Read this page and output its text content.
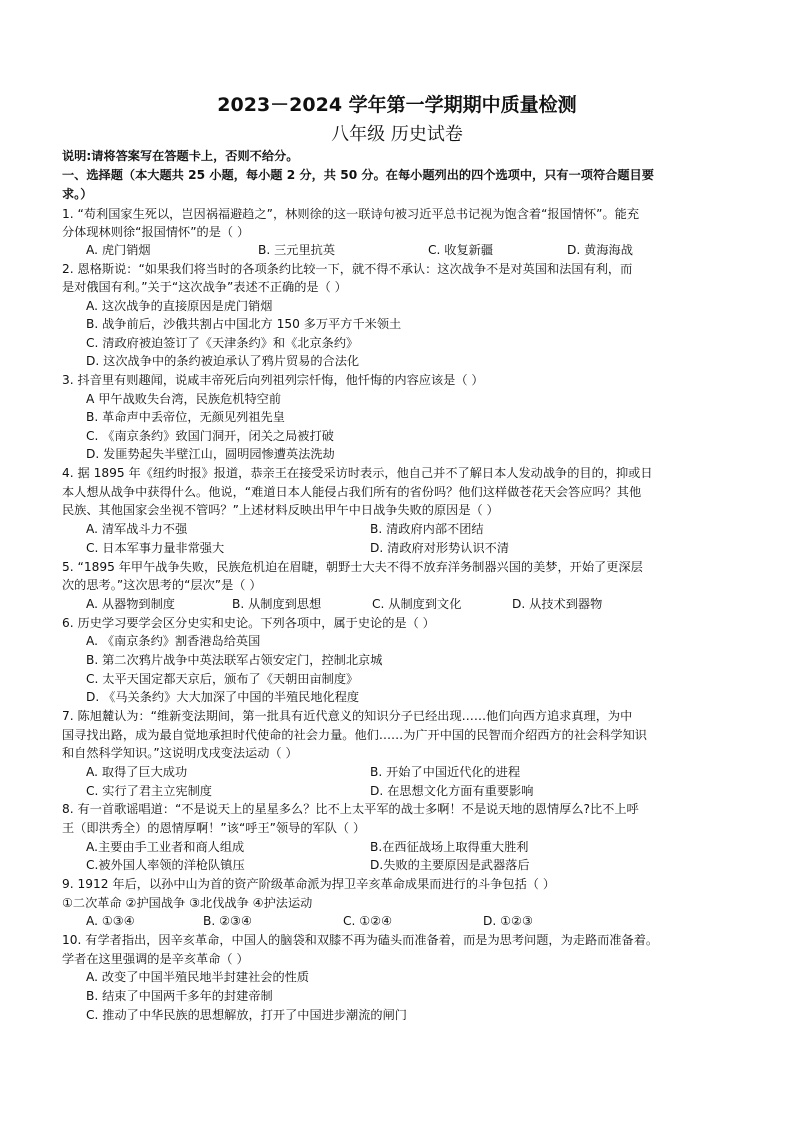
2023－2024 学年第一学期期中质量检测
八年级 历史试卷
说明:请将答案写在答题卡上，否则不给分。
一、选择题（本大题共 25 小题，每小题 2 分，共 50 分。在每小题列出的四个选项中，只有一项符合题目要
求。）
1. “苟利国家生死以，岂因祸福避趋之”，林则徐的这一联诗句被习近平总书记视为饱含着“报国情怀”。能充
分体现林则徐“报国情怀”的是（ ）
A. 虎门销烟	B. 三元里抗英	C. 收复新疆	D. 黄海海战
2. 恩格斯说：“如果我们将当时的各项条约比较一下，就不得不承认：这次战争不是对英国和法国有利，而
是对俄国有利。”关于“这次战争”表述不正确的是（ ）
A. 这次战争的直接原因是虎门销烟
B. 战争前后，沙俄共割占中国北方 150 多万平方千米领土
C. 清政府被迫签订了《天津条约》和《北京条约》
D. 这次战争中的条约被迫承认了鸦片贸易的合法化
3. 抖音里有则趣闻，说咸丰帝死后向列祖列宗忏悔，他忏悔的内容应该是（ ）
A 甲午战败失台湾，民族危机特空前
B. 革命声中丢帝位，无颜见列祖先皇
C. 《南京条约》致国门洞开，闭关之局被打破
D. 发匪势起失半壁江山，圆明园惨遭英法洗劫
4. 据 1895 年《纽约时报》报道，恭亲王在接受采访时表示，他自己并不了解日本人发动战争的目的，抑或日
本人想从战争中获得什么。他说，“难道日本人能侵占我们所有的省份吗？他们这样做苍花天会答应吗？其他
民族、其他国家会坐视不管吗？”上述材料反映出甲午中日战争失败的原因是（ ）
A. 清军战斗力不强	B. 清政府内部不团结
C. 日本军事力量非常强大	D. 清政府对形势认识不清
5. “1895 年甲午战争失败，民族危机迫在眉睫，朝野士大夫不得不放弃洋务制器兴国的美梦，开始了更深层
次的思考。”这次思考的“层次”是（ ）
A. 从器物到制度	B. 从制度到思想	C. 从制度到文化	D. 从技术到器物
6. 历史学习要学会区分史实和史论。下列各项中，属于史论的是（ ）
A. 《南京条约》割香港岛给英国
B. 第二次鸦片战争中英法联军占领安定门，控制北京城
C. 太平天国定都天京后，颁布了《天朝田亩制度》
D. 《马关条约》大大加深了中国的半殖民地化程度
7. 陈旭麓认为：“维新变法期间，第一批具有近代意义的知识分子已经出现……他们向西方追求真理，为中
国寻找出路，成为最自觉地承担时代使命的社会力量。他们……为广开中国的民智而介绍西方的社会科学知识
和自然科学知识。”这说明戊戌变法运动（ ）
A. 取得了巨大成功	B. 开始了中国近代化的进程
C. 实行了君主立宪制度	D. 在思想文化方面有重要影响
8. 有一首歌谣唱道：“不是说天上的星星多么？比不上太平军的战士多啊！不是说天地的恩情厚么?比不上呼
王（即洪秀全）的恩情厚啊！”该“呼王”领导的军队（ ）
A.主要由手工业者和商人组成	B.在西征战场上取得重大胜利
C.被外国人率领的洋枪队镇压	D.失败的主要原因是武器落后
9. 1912 年后，以孙中山为首的资产阶级革命派为捍卫辛亥革命成果而进行的斗争包括（ ）
①二次革命 ②护国战争 ③北伐战争 ④护法运动
A. ①③④	B. ②③④	C. ①②④	D. ①②③
10. 有学者指出，因辛亥革命，中国人的脑袋和双膝不再为磕头而准备着，而是为思考问题，为走路而准备着。
学者在这里强调的是辛亥革命（ ）
A. 改变了中国半殖民地半封建社会的性质
B. 结束了中国两千多年的封建帝制
C. 推动了中华民族的思想解放，打开了中国进步潮流的闸门
